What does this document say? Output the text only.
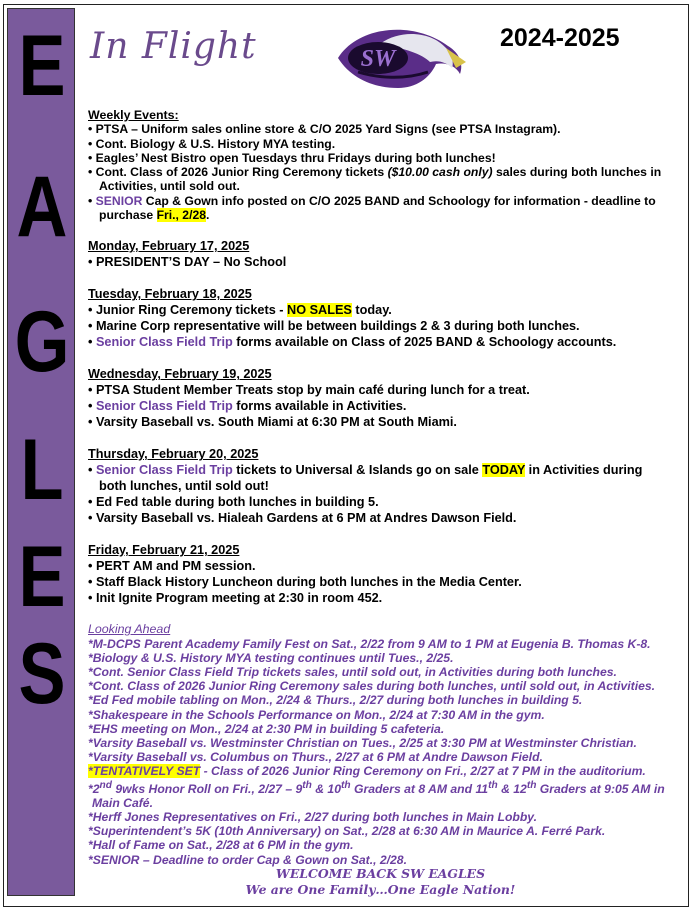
E
A
G
L
E
S
In Flight	SW
2024-2025
Weekly Events:
• PTSA – Uniform sales online store & C/O 2025 Yard Signs (see PTSA Instagram).
• Cont. Biology & U.S. History MYA testing.
• Eagles’ Nest Bistro open Tuesdays thru Fridays during both lunches!
• Cont. Class of 2026 Junior Ring Ceremony tickets ($10.00 cash only) sales during both lunches in Activities, until sold out.
• SENIOR Cap & Gown info posted on C/O 2025 BAND and Schoology for information - deadline to purchase Fri., 2/28.
Monday, February 17, 2025
• PRESIDENT’S DAY – No School
Tuesday, February 18, 2025
• Junior Ring Ceremony tickets - NO SALES today.
• Marine Corp representative will be between buildings 2 & 3 during both lunches.
• Senior Class Field Trip forms available on Class of 2025 BAND & Schoology accounts.
Wednesday, February 19, 2025
• PTSA Student Member Treats stop by main café during lunch for a treat.
• Senior Class Field Trip forms available in Activities.
• Varsity Baseball vs. South Miami at 6:30 PM at South Miami.
Thursday, February 20, 2025
• Senior Class Field Trip tickets to Universal & Islands go on sale TODAY in Activities during both lunches, until sold out!
• Ed Fed table during both lunches in building 5.
• Varsity Baseball vs. Hialeah Gardens at 6 PM at Andres Dawson Field.
Friday, February 21, 2025
• PERT AM and PM session.
• Staff Black History Luncheon during both lunches in the Media Center.
• Init Ignite Program meeting at 2:30 in room 452.
Looking Ahead
*M-DCPS Parent Academy Family Fest on Sat., 2/22 from 9 AM to 1 PM at Eugenia B. Thomas K-8.
*Biology & U.S. History MYA testing continues until Tues., 2/25.
*Cont. Senior Class Field Trip tickets sales, until sold out, in Activities during both lunches.
*Cont. Class of 2026 Junior Ring Ceremony sales during both lunches, until sold out, in Activities.
*Ed Fed mobile tabling on Mon., 2/24 & Thurs., 2/27 during both lunches in building 5.
*Shakespeare in the Schools Performance on Mon., 2/24 at 7:30 AM in the gym.
*EHS meeting on Mon., 2/24 at 2:30 PM in building 5 cafeteria.
*Varsity Baseball vs. Westminster Christian on Tues., 2/25 at 3:30 PM at Westminster Christian.
*Varsity Baseball vs. Columbus on Thurs., 2/27 at 6 PM at Andre Dawson Field.
*TENTATIVELY SET - Class of 2026 Junior Ring Ceremony on Fri., 2/27 at 7 PM in the auditorium.
*2nd 9wks Honor Roll on Fri., 2/27 – 9th & 10th Graders at 8 AM and 11th & 12th Graders at 9:05 AM in
Main Café.
*Herff Jones Representatives on Fri., 2/27 during both lunches in Main Lobby.
*Superintendent’s 5K (10th Anniversary) on Sat., 2/28 at 6:30 AM in Maurice A. Ferré Park.
*Hall of Fame on Sat., 2/28 at 6 PM in the gym.
*SENIOR – Deadline to order Cap & Gown on Sat., 2/28.
WELCOME BACK SW EAGLES
We are One Family…One Eagle Nation!
